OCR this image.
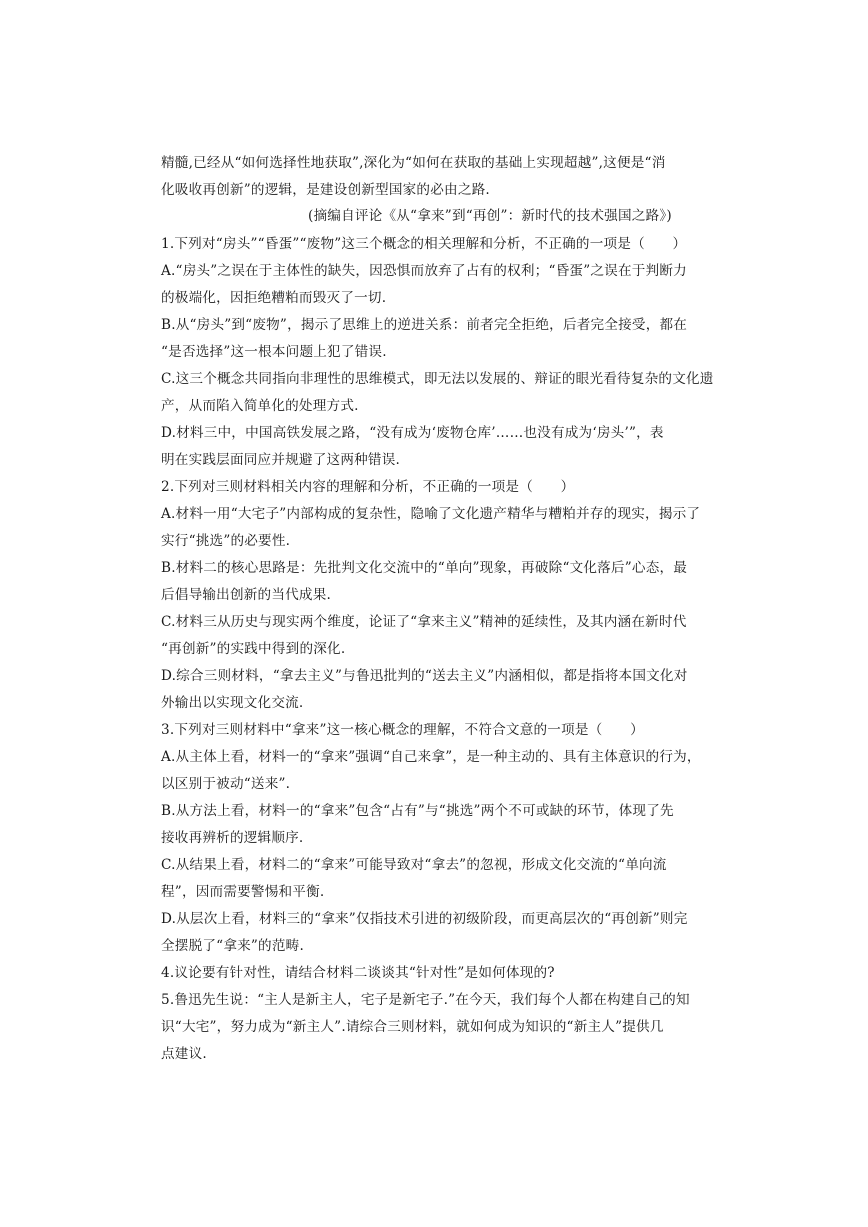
精髓,已经从“如何选择性地获取”,深化为“如何在获取的基础上实现超越”,这便是“消
化吸收再创新”的逻辑，是建设创新型国家的必由之路.
(摘编自评论《从“拿来”到“再创”：新时代的技术强国之路》)
1.下列对“房头”“昏蛋”“废物”这三个概念的相关理解和分析，不正确的一项是（　　）
A.“房头”之误在于主体性的缺失，因恐惧而放弃了占有的权利；“昏蛋”之误在于判断力
的极端化，因拒绝糟粕而毁灭了一切.
B.从“房头”到“废物”，揭示了思维上的逆进关系：前者完全拒绝，后者完全接受，都在
“是否选择”这一根本问题上犯了错误.
C.这三个概念共同指向非理性的思维模式，即无法以发展的、辩证的眼光看待复杂的文化遗
产，从而陷入简单化的处理方式.
D.材料三中，中国高铁发展之路，“没有成为‘废物仓库’……也没有成为‘房头’”，表
明在实践层面同应并规避了这两种错误.
2.下列对三则材料相关内容的理解和分析，不正确的一项是（　　）
A.材料一用“大宅子”内部构成的复杂性，隐喻了文化遗产精华与糟粕并存的现实，揭示了
实行“挑选”的必要性.
B.材料二的核心思路是：先批判文化交流中的“单向”现象，再破除“文化落后”心态，最
后倡导输出创新的当代成果.
C.材料三从历史与现实两个维度，论证了“拿来主义”精神的延续性，及其内涵在新时代
“再创新”的实践中得到的深化.
D.综合三则材料，“拿去主义”与鲁迅批判的“送去主义”内涵相似，都是指将本国文化对
外输出以实现文化交流.
3.下列对三则材料中“拿来”这一核心概念的理解，不符合文意的一项是（　　）
A.从主体上看，材料一的“拿来”强调“自己来拿”，是一种主动的、具有主体意识的行为，
以区别于被动“送来”.
B.从方法上看，材料一的“拿来”包含“占有”与“挑选”两个不可或缺的环节，体现了先
接收再辨析的逻辑顺序.
C.从结果上看，材料二的“拿来”可能导致对“拿去”的忽视，形成文化交流的“单向流
程”，因而需要警惕和平衡.
D.从层次上看，材料三的“拿来”仅指技术引进的初级阶段，而更高层次的“再创新”则完
全摆脱了“拿来”的范畴.
4.议论要有针对性，请结合材料二谈谈其“针对性”是如何体现的?
5.鲁迅先生说：“主人是新主人，宅子是新宅子.”在今天，我们每个人都在构建自己的知
识“大宅”，努力成为“新主人”.请综合三则材料，就如何成为知识的“新主人”提供几
点建议.
